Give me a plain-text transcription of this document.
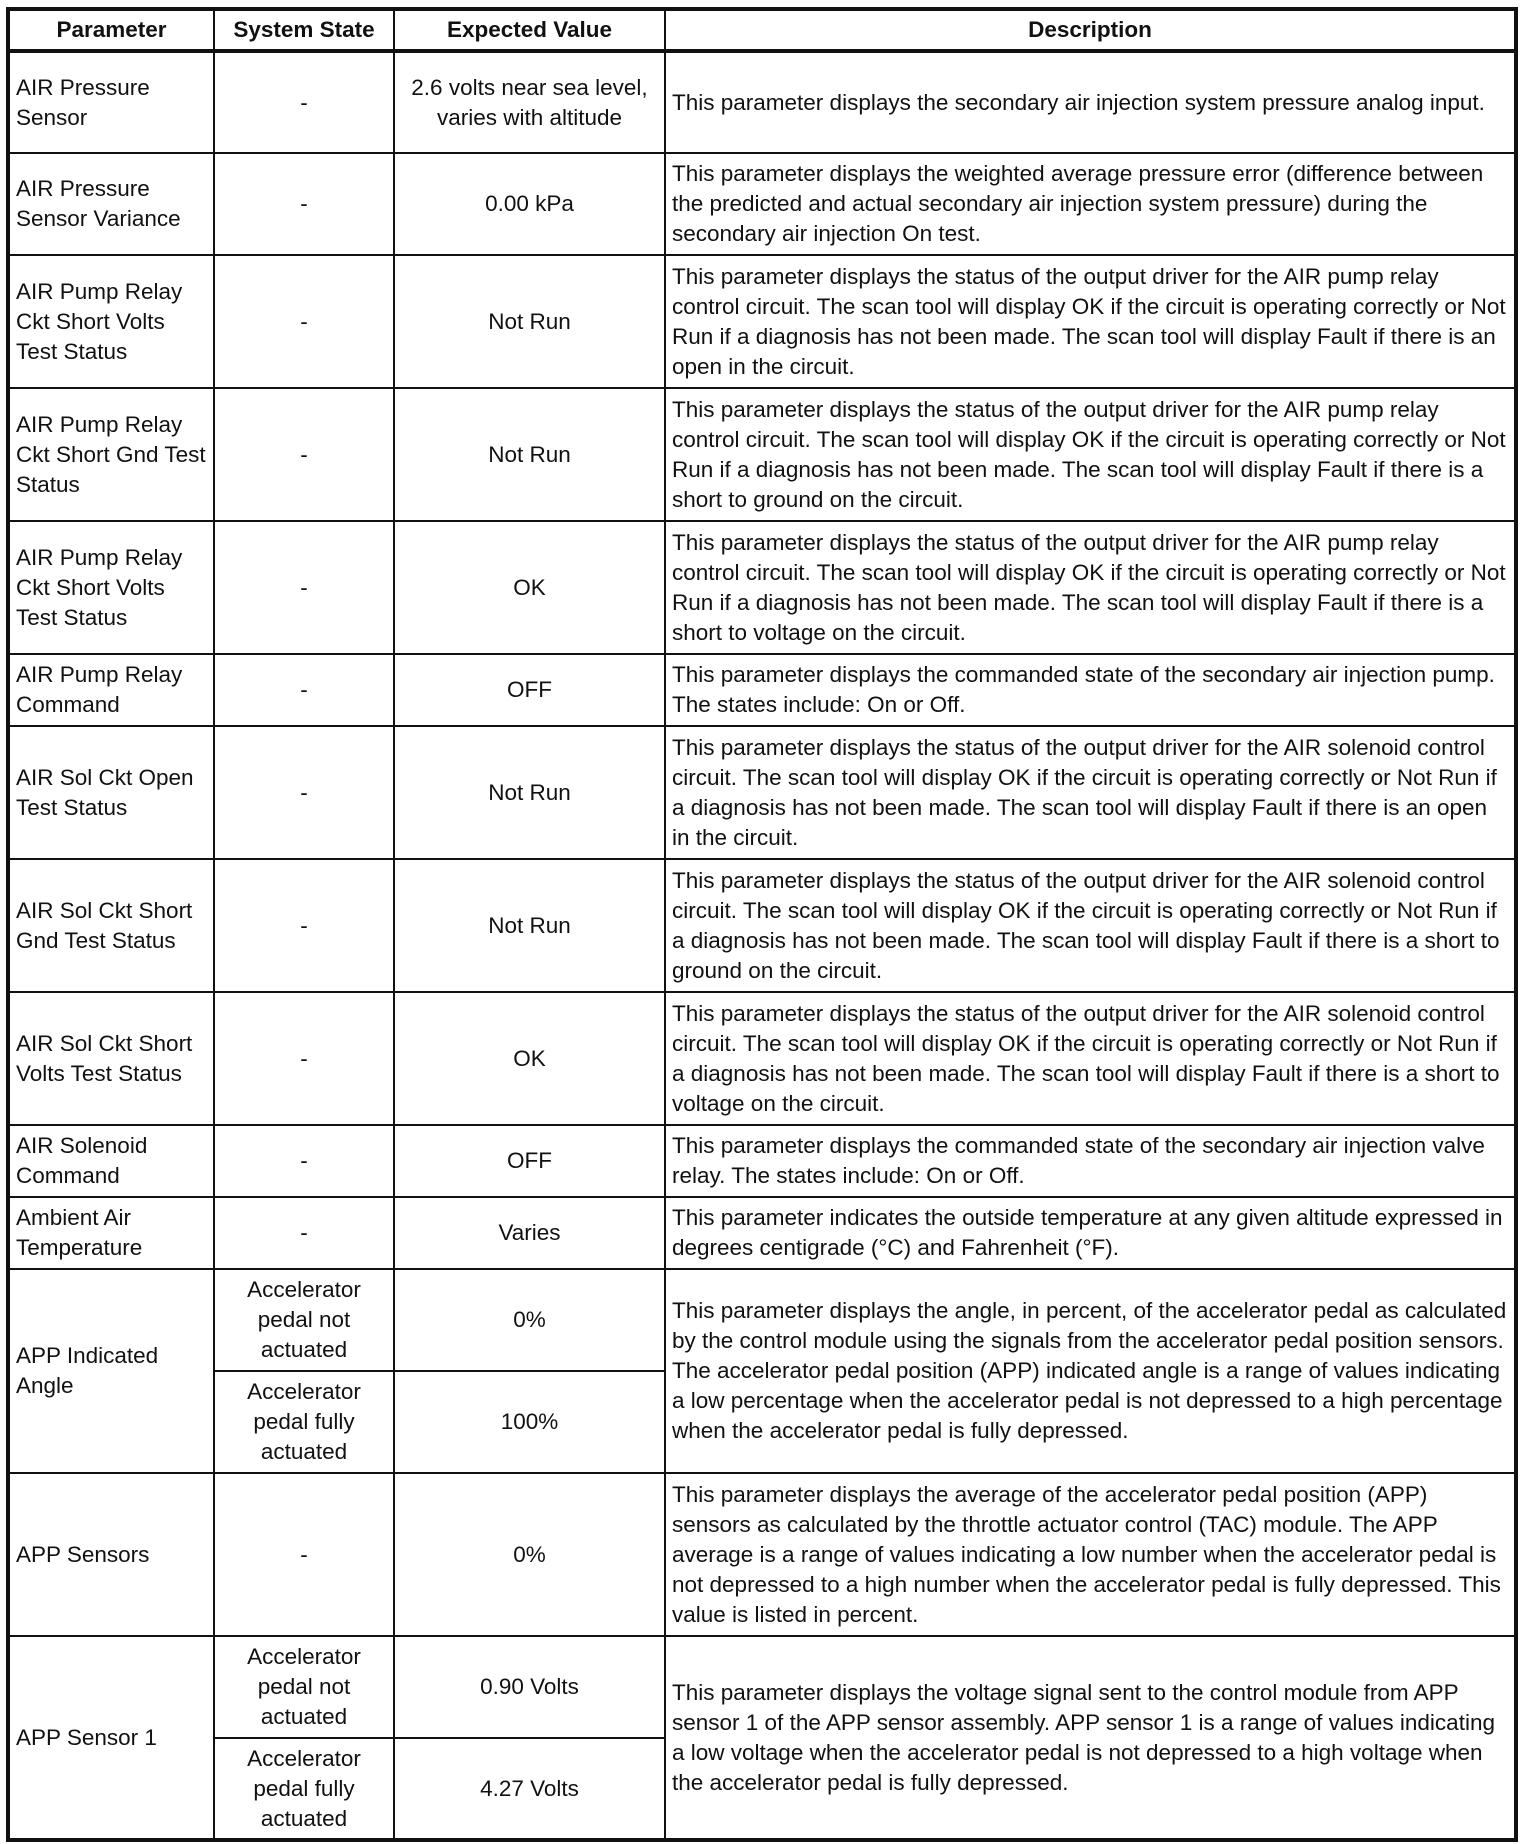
Parameter	System State	Expected Value	Description
AIR Pressure Sensor	-	2.6 volts near sea level, varies with altitude	This parameter displays the secondary air injection system pressure analog input.
AIR Pressure Sensor Variance	-	0.00 kPa	This parameter displays the weighted average pressure error (difference between the predicted and actual secondary air injection system pressure) during the secondary air injection On test.
AIR Pump Relay Ckt Short Volts Test Status	-	Not Run	This parameter displays the status of the output driver for the AIR pump relay control circuit. The scan tool will display OK if the circuit is operating correctly or Not Run if a diagnosis has not been made. The scan tool will display Fault if there is an open in the circuit.
AIR Pump Relay Ckt Short Gnd Test Status	-	Not Run	This parameter displays the status of the output driver for the AIR pump relay control circuit. The scan tool will display OK if the circuit is operating correctly or Not Run if a diagnosis has not been made. The scan tool will display Fault if there is a short to ground on the circuit.
AIR Pump Relay Ckt Short Volts Test Status	-	OK	This parameter displays the status of the output driver for the AIR pump relay control circuit. The scan tool will display OK if the circuit is operating correctly or Not Run if a diagnosis has not been made. The scan tool will display Fault if there is a short to voltage on the circuit.
AIR Pump Relay Command	-	OFF	This parameter displays the commanded state of the secondary air injection pump. The states include: On or Off.
AIR Sol Ckt Open Test Status	-	Not Run	This parameter displays the status of the output driver for the AIR solenoid control circuit. The scan tool will display OK if the circuit is operating correctly or Not Run if a diagnosis has not been made. The scan tool will display Fault if there is an open in the circuit.
AIR Sol Ckt Short Gnd Test Status	-	Not Run	This parameter displays the status of the output driver for the AIR solenoid control circuit. The scan tool will display OK if the circuit is operating correctly or Not Run if a diagnosis has not been made. The scan tool will display Fault if there is a short to ground on the circuit.
AIR Sol Ckt Short Volts Test Status	-	OK	This parameter displays the status of the output driver for the AIR solenoid control circuit. The scan tool will display OK if the circuit is operating correctly or Not Run if a diagnosis has not been made. The scan tool will display Fault if there is a short to voltage on the circuit.
AIR Solenoid Command	-	OFF	This parameter displays the commanded state of the secondary air injection valve relay. The states include: On or Off.
Ambient Air Temperature	-	Varies	This parameter indicates the outside temperature at any given altitude expressed in degrees centigrade (°C) and Fahrenheit (°F).
APP Indicated Angle	Accelerator pedal not actuated	0%	This parameter displays the angle, in percent, of the accelerator pedal as calculated by the control module using the signals from the accelerator pedal position sensors. The accelerator pedal position (APP) indicated angle is a range of values indicating a low percentage when the accelerator pedal is not depressed to a high percentage when the accelerator pedal is fully depressed.
	Accelerator pedal fully actuated	100%	
APP Sensors	-	0%	This parameter displays the average of the accelerator pedal position (APP) sensors as calculated by the throttle actuator control (TAC) module. The APP average is a range of values indicating a low number when the accelerator pedal is not depressed to a high number when the accelerator pedal is fully depressed. This value is listed in percent.
APP Sensor 1	Accelerator pedal not actuated	0.90 Volts	This parameter displays the voltage signal sent to the control module from APP sensor 1 of the APP sensor assembly. APP sensor 1 is a range of values indicating a low voltage when the accelerator pedal is not depressed to a high voltage when the accelerator pedal is fully depressed.
	Accelerator pedal fully actuated	4.27 Volts	
